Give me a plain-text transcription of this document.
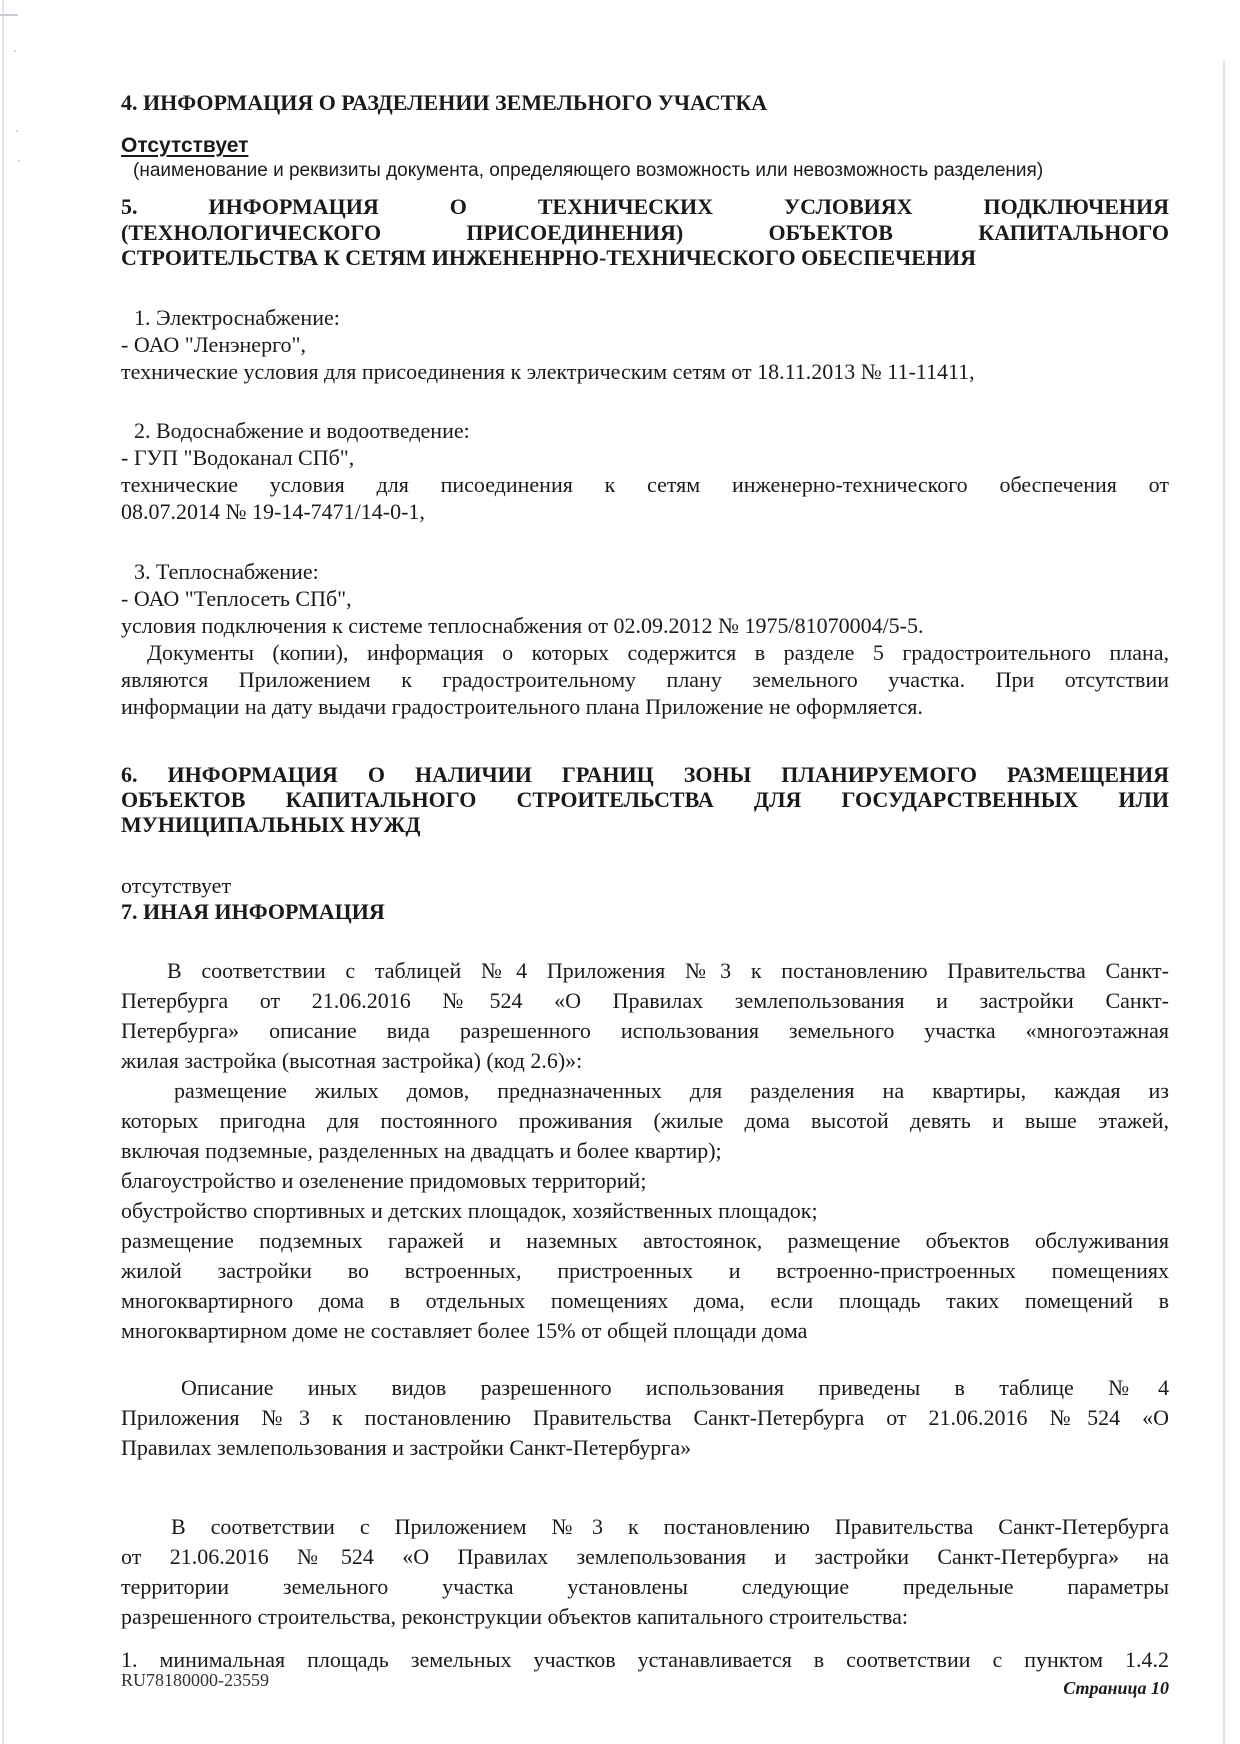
4. ИНФОРМАЦИЯ О РАЗДЕЛЕНИИ ЗЕМЕЛЬНОГО УЧАСТКА
Отсутствует
(наименование и реквизиты документа, определяющего возможность или невозможность разделения)
5. ИНФОРМАЦИЯ О ТЕХНИЧЕСКИХ УСЛОВИЯХ ПОДКЛЮЧЕНИЯ
(ТЕХНОЛОГИЧЕСКОГО ПРИСОЕДИНЕНИЯ) ОБЪЕКТОВ КАПИТАЛЬНОГО
СТРОИТЕЛЬСТВА К СЕТЯМ ИНЖЕНЕНРНО-ТЕХНИЧЕСКОГО ОБЕСПЕЧЕНИЯ
1. Электроснабжение:
- ОАО "Ленэнерго",
технические условия для присоединения к электрическим сетям от 18.11.2013 № 11-11411,
2. Водоснабжение и водоотведение:
- ГУП "Водоканал СПб",
технические условия для писоединения к сетям инженерно-технического обеспечения от
08.07.2014 № 19-14-7471/14-0-1,
3. Теплоснабжение:
- ОАО "Теплосеть СПб",
условия подключения к системе теплоснабжения от 02.09.2012 № 1975/81070004/5-5.
Документы (копии), информация о которых содержится в разделе 5 градостроительного плана,
являются Приложением к градостроительному плану земельного участка. При отсутствии
информации на дату выдачи градостроительного плана Приложение не оформляется.
6. ИНФОРМАЦИЯ О НАЛИЧИИ ГРАНИЦ ЗОНЫ ПЛАНИРУЕМОГО РАЗМЕЩЕНИЯ
ОБЪЕКТОВ КАПИТАЛЬНОГО СТРОИТЕЛЬСТВА ДЛЯ ГОСУДАРСТВЕННЫХ ИЛИ
МУНИЦИПАЛЬНЫХ НУЖД
отсутствует
7. ИНАЯ ИНФОРМАЦИЯ
В соответствии с таблицей №4 Приложения №3 к постановлению Правительства Санкт-
Петербурга от 21.06.2016 №524 «О Правилах землепользования и застройки Санкт-
Петербурга» описание вида разрешенного использования земельного участка «многоэтажная
жилая застройка (высотная застройка) (код 2.6)»:
размещение жилых домов, предназначенных для разделения на квартиры, каждая из
которых пригодна для постоянного проживания (жилые дома высотой девять и выше этажей,
включая подземные, разделенных на двадцать и более квартир);
благоустройство и озеленение придомовых территорий;
обустройство спортивных и детских площадок, хозяйственных площадок;
размещение подземных гаражей и наземных автостоянок, размещение объектов обслуживания
жилой застройки во встроенных, пристроенных и встроенно-пристроенных помещениях
многоквартирного дома в отдельных помещениях дома, если площадь таких помещений в
многоквартирном доме не составляет более 15% от общей площади дома
Описание иных видов разрешенного использования приведены в таблице №4
Приложения №3 к постановлению Правительства Санкт-Петербурга от 21.06.2016 №524 «О
Правилах землепользования и застройки Санкт-Петербурга»
В соответствии с Приложением №3 к постановлению Правительства Санкт-Петербурга
от 21.06.2016 №524 «О Правилах землепользования и застройки Санкт-Петербурга» на
территории земельного участка установлены следующие предельные параметры
разрешенного строительства, реконструкции объектов капитального строительства:
1. минимальная площадь земельных участков устанавливается в соответствии с пунктом 1.4.2
RU78180000-23559	Страница 10
